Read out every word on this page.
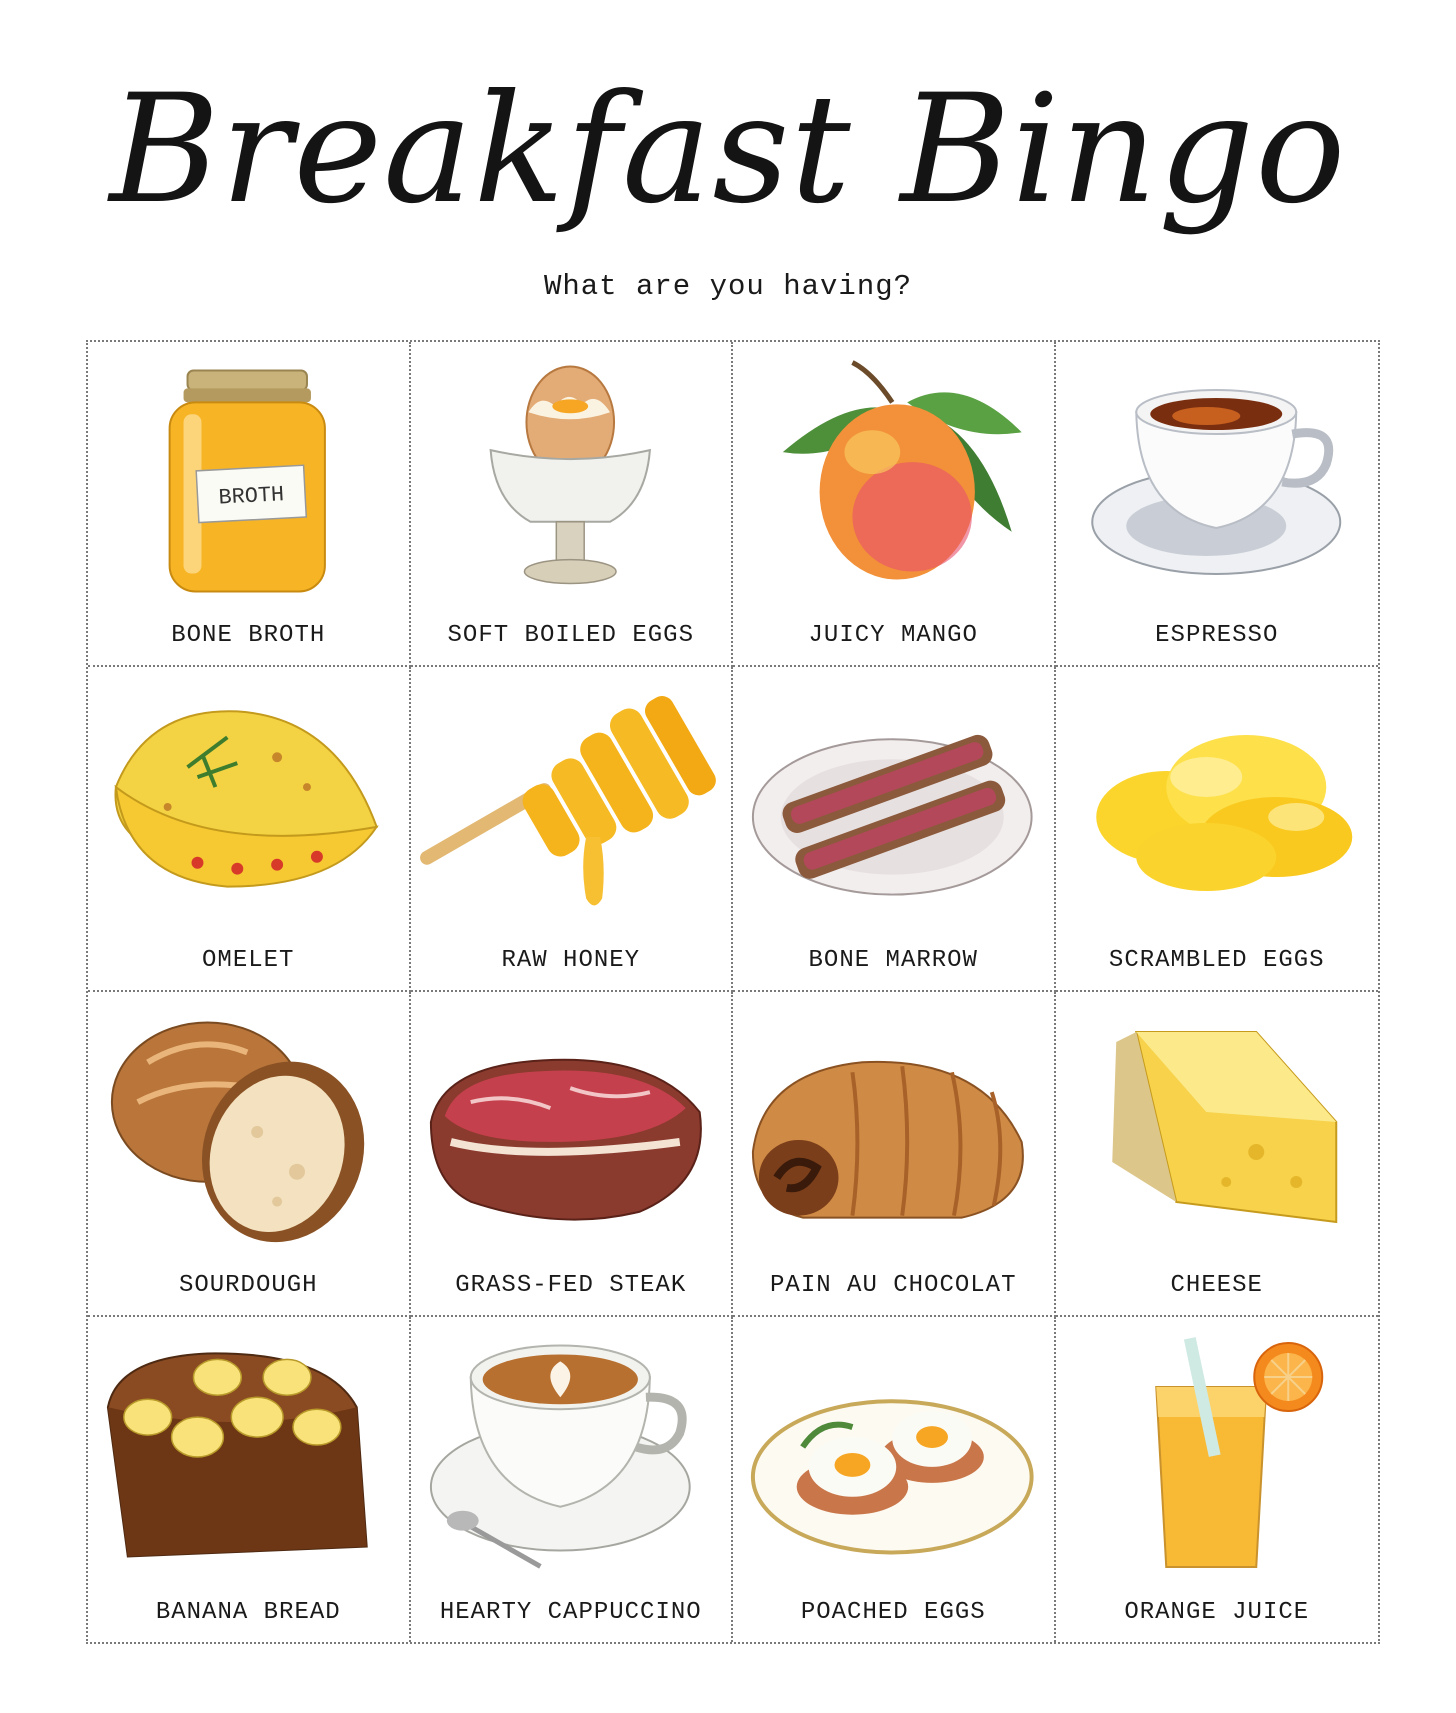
Breakfast Bingo
What are you having?
BROTH
BONE BROTH	SOFT BOILED EGGS	JUICY MANGO	ESPRESSO
OMELET	RAW HONEY	BONE MARROW	SCRAMBLED EGGS
SOURDOUGH	GRASS-FED STEAK	PAIN AU CHOCOLAT	CHEESE
BANANA BREAD	HEARTY CAPPUCCINO	POACHED EGGS	ORANGE JUICE
